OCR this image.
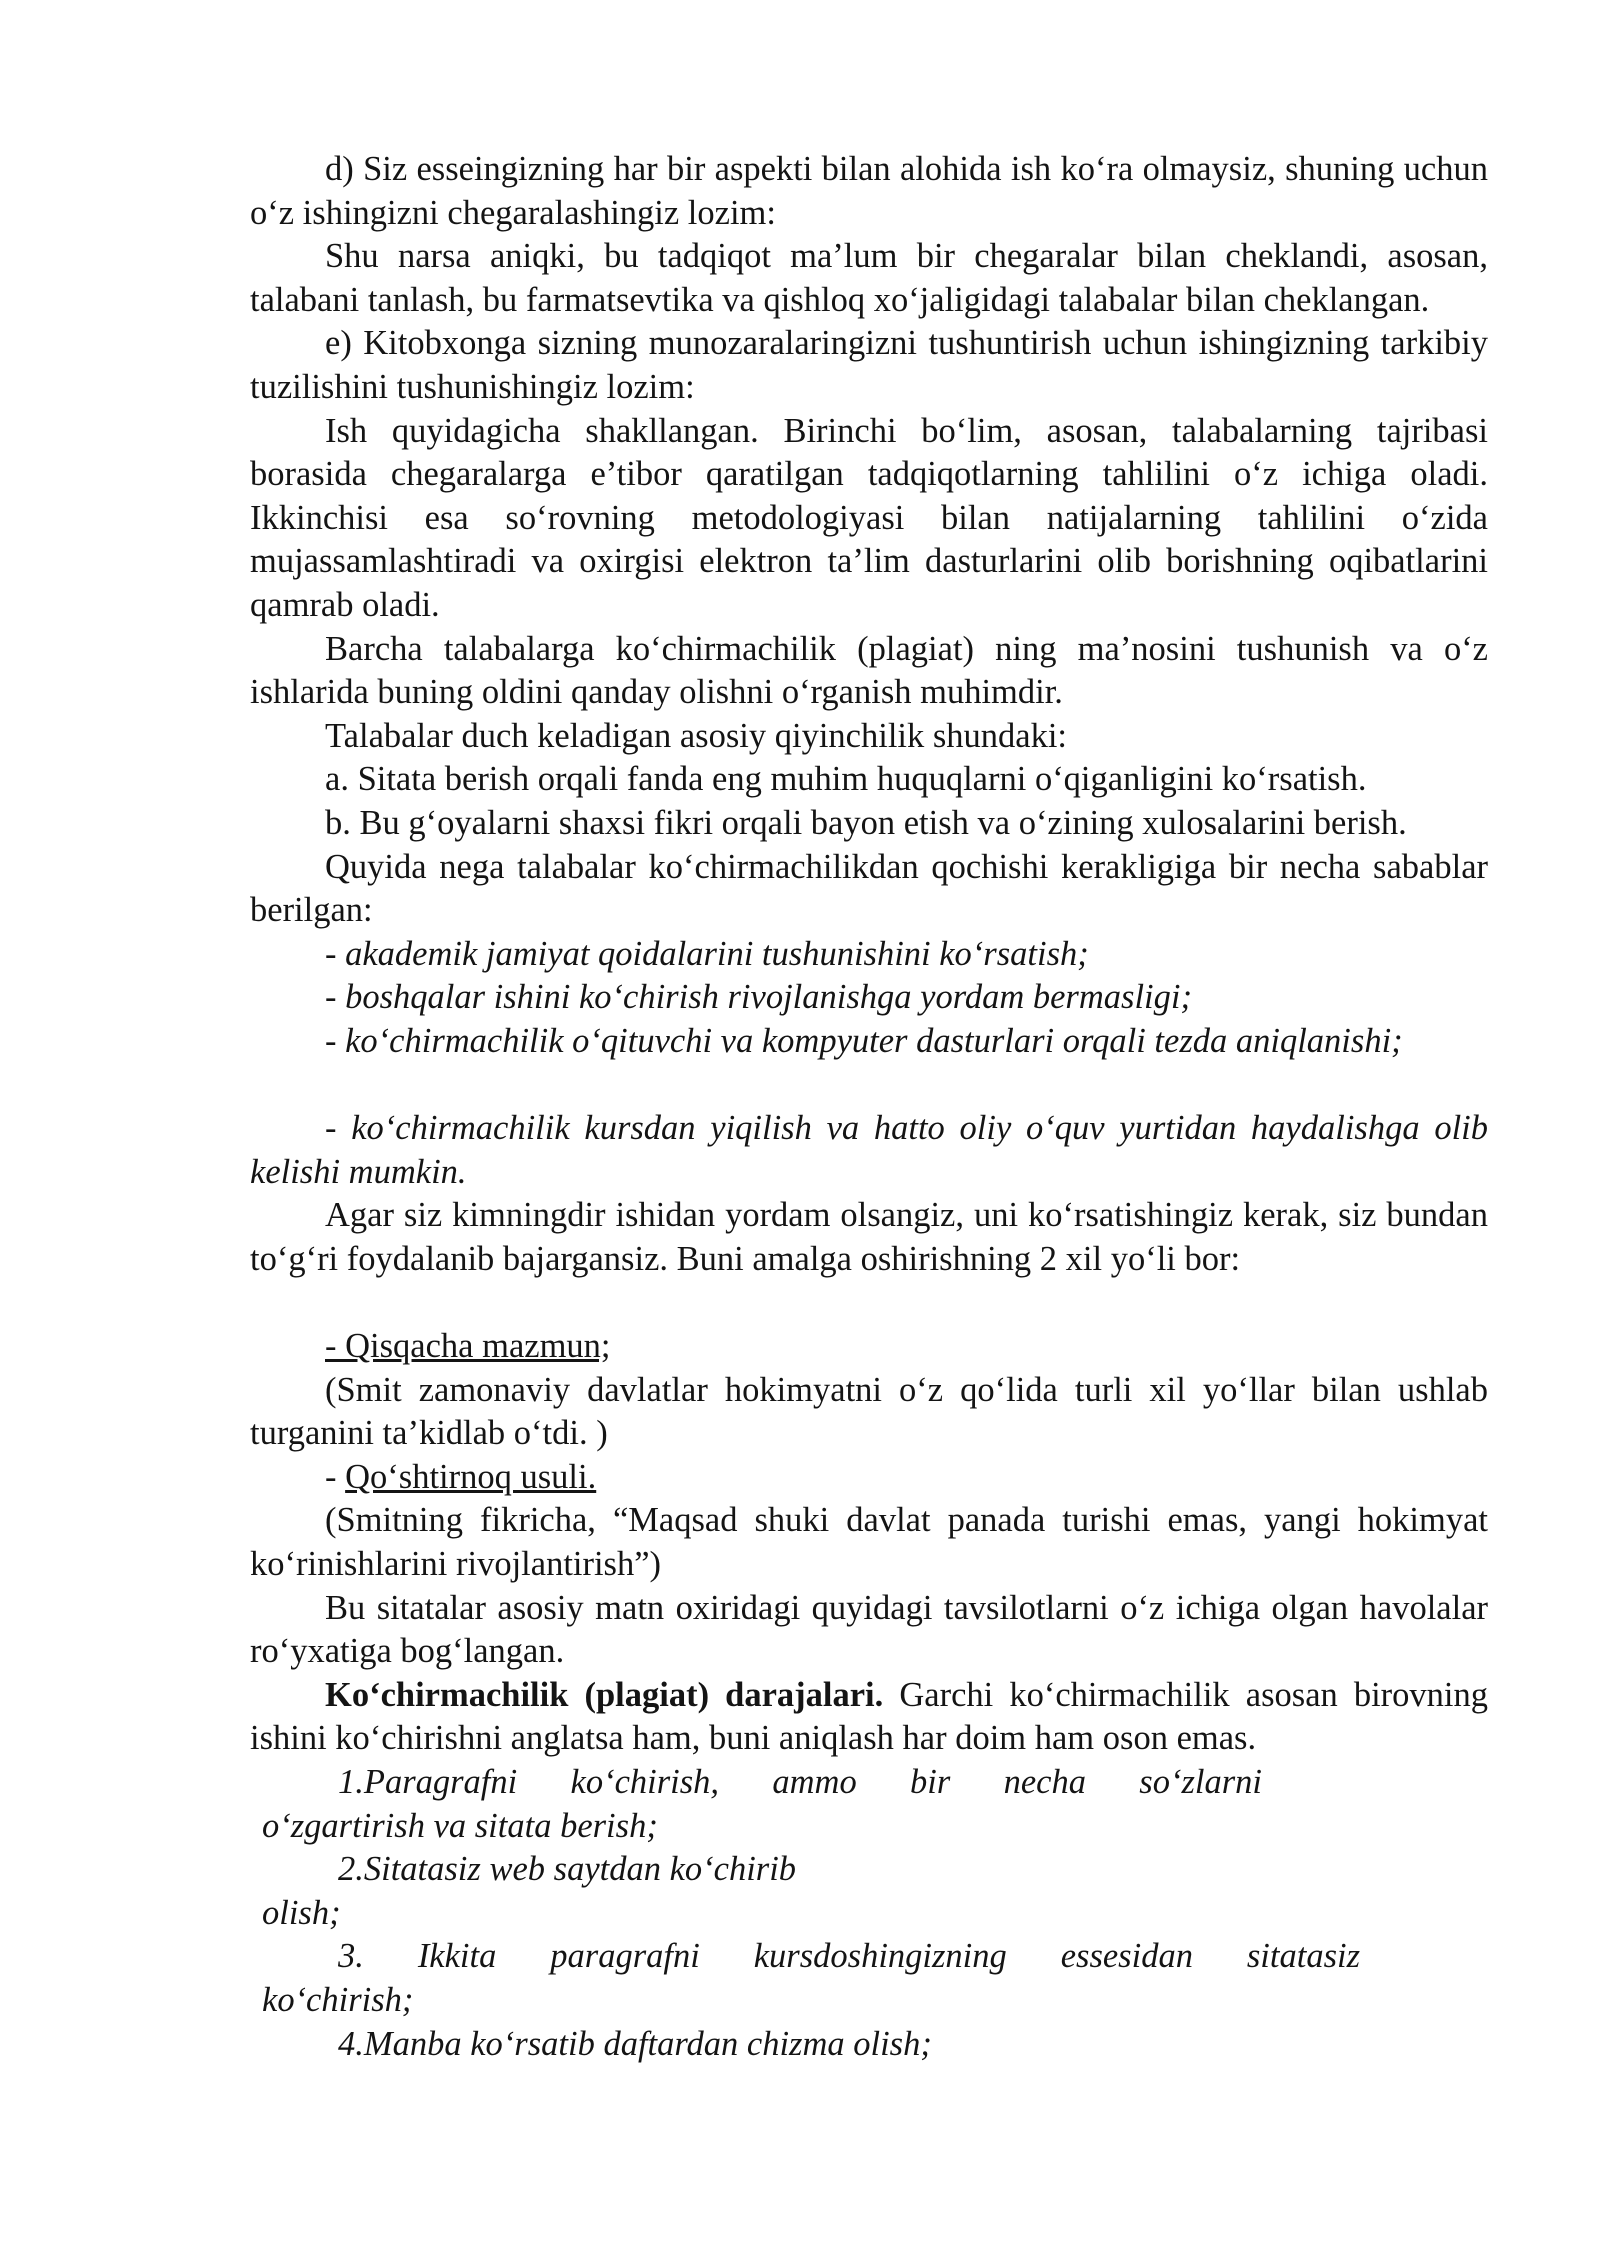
d) Siz esseingizning har bir aspekti bilan alohida ish ko‘ra olmaysiz, shuning uchun o‘z ishingizni chegaralashingiz lozim:

Shu narsa aniqki, bu tadqiqot ma’lum bir chegaralar bilan cheklandi, asosan, talabani tanlash, bu farmatsevtika va qishloq xo‘jaligidagi talabalar bilan cheklangan.

e) Kitobxonga sizning munozaralaringizni tushuntirish uchun ishingizning tarkibiy tuzilishini tushunishingiz lozim:

Ish quyidagicha shakllangan. Birinchi bo‘lim, asosan, talabalarning tajribasi borasida chegaralarga e’tibor qaratilgan tadqiqotlarning tahlilini o‘z ichiga oladi. Ikkinchisi esa so‘rovning metodologiyasi bilan natijalarning tahlilini o‘zida mujassamlashtiradi va oxirgisi elektron ta’lim dasturlarini olib borishning oqibatlarini qamrab oladi.

Barcha talabalarga ko‘chirmachilik (plagiat) ning ma’nosini tushunish va o‘z ishlarida buning oldini qanday olishni o‘rganish muhimdir.

Talabalar duch keladigan asosiy qiyinchilik shundaki:

a. Sitata berish orqali fanda eng muhim huquqlarni o‘qiganligini ko‘rsatish.

b. Bu g‘oyalarni shaxsi fikri orqali bayon etish va o‘zining xulosalarini berish.

Quyida nega talabalar ko‘chirmachilikdan qochishi kerakligiga bir necha sabablar berilgan:

- akademik jamiyat qoidalarini tushunishini ko‘rsatish;

- boshqalar ishini ko‘chirish rivojlanishga yordam bermasligi;

- ko‘chirmachilik o‘qituvchi va kompyuter dasturlari orqali tezda aniqlanishi;

- ko‘chirmachilik kursdan yiqilish va hatto oliy o‘quv yurtidan haydalishga olib kelishi mumkin.

Agar siz kimningdir ishidan yordam olsangiz, uni ko‘rsatishingiz kerak, siz bundan to‘g‘ri foydalanib bajargansiz. Buni amalga oshirishning 2 xil yo‘li bor:

- Qisqacha mazmun;

(Smit zamonaviy davlatlar hokimyatni o‘z qo‘lida turli xil yo‘llar bilan ushlab turganini ta’kidlab o‘tdi. )

- Qo‘shtirnoq usuli.

(Smitning fikricha, “Maqsad shuki davlat panada turishi emas, yangi hokimyat ko‘rinishlarini rivojlantirish”)

Bu sitatalar asosiy matn oxiridagi quyidagi tavsilotlarni o‘z ichiga olgan havolalar ro‘yxatiga bog‘langan.

Ko‘chirmachilik (plagiat) darajalari. Garchi ko‘chirmachilik asosan birovning ishini ko‘chirishni anglatsa ham, buni aniqlash har doim ham oson emas.

1.Paragrafni ko‘chirish, ammo bir necha so‘zlarni
o‘zgartirish va sitata berish;
2.Sitatasiz web saytdan ko‘chirib
olish;
3. Ikkita paragrafni kursdoshingizning essesidan sitatasiz
ko‘chirish;
4.Manba ko‘rsatib daftardan chizma olish;
